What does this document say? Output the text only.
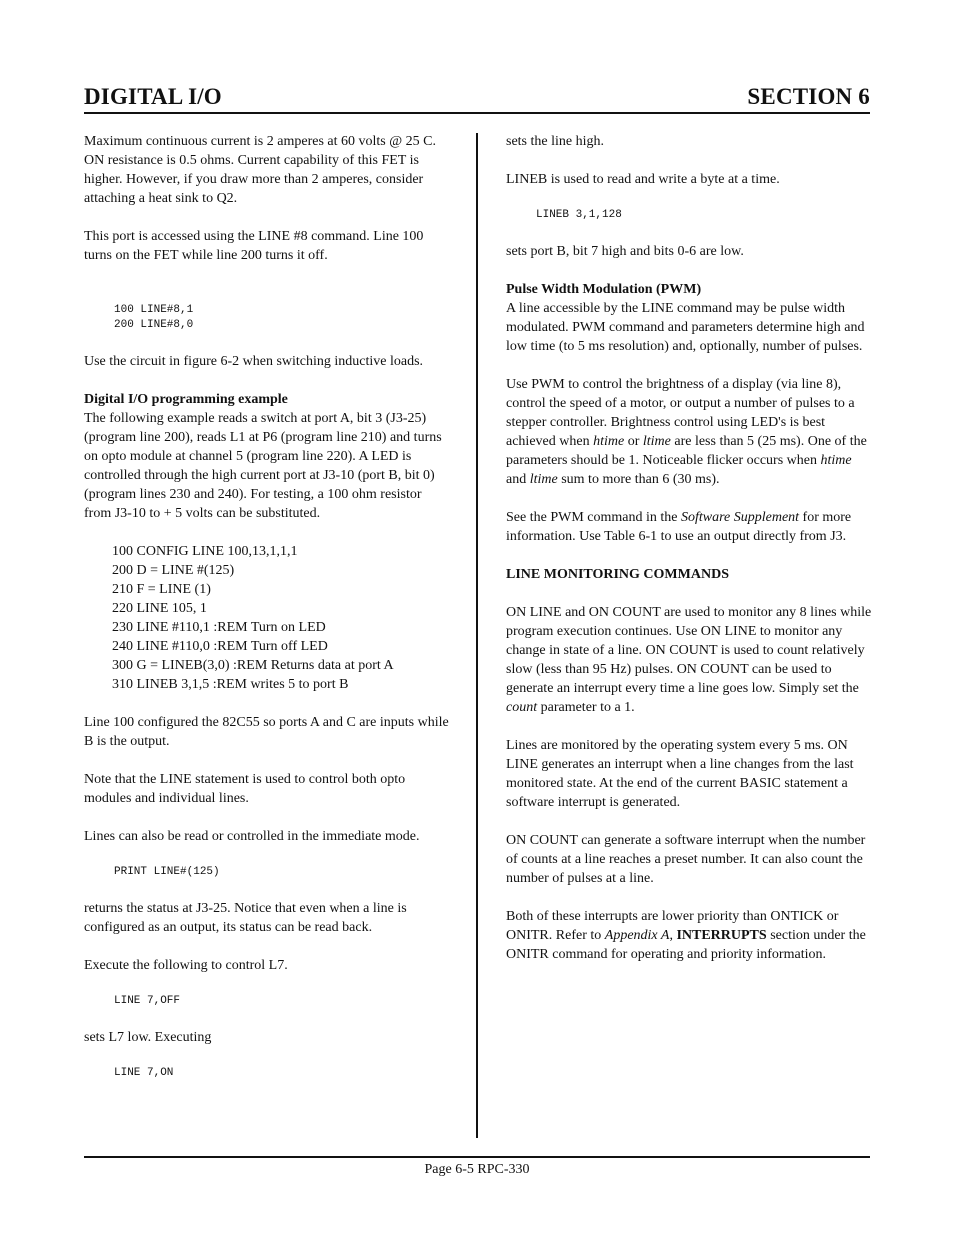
DIGITAL I/O	SECTION 6

Maximum continuous current is 2 amperes at 60 volts @ 25 C. ON resistance is 0.5 ohms. Current capability of this FET is higher. However, if you draw more than 2 amperes, consider attaching a heat sink to Q2.

This port is accessed using the LINE #8 command. Line 100 turns on the FET while line 200 turns it off.

100 LINE#8,1
200 LINE#8,0

Use the circuit in figure 6-2 when switching inductive loads.

Digital I/O programming example

The following example reads a switch at port A, bit 3 (J3-25) (program line 200), reads L1 at P6 (program line 210) and turns on opto module at channel 5 (program line 220). A LED is controlled through the high current port at J3-10 (port B, bit 0) (program lines 230 and 240). For testing, a 100 ohm resistor from J3-10 to + 5 volts can be substituted.

100 CONFIG LINE 100,13,1,1,1
200 D = LINE #(125)
210 F = LINE (1)
220 LINE 105, 1
230 LINE #110,1 :REM Turn on LED
240 LINE #110,0 :REM Turn off LED
300 G = LINEB(3,0) :REM Returns data at port A
310 LINEB 3,1,5 :REM writes 5 to port B

Line 100 configured the 82C55 so ports A and C are inputs while B is the output.

Note that the LINE statement is used to control both opto modules and individual lines.

Lines can also be read or controlled in the immediate mode.

PRINT LINE#(125)

returns the status at J3-25. Notice that even when a line is configured as an output, its status can be read back.

Execute the following to control L7.

LINE 7,OFF

sets L7 low. Executing

LINE 7,ON

sets the line high.

LINEB is used to read and write a byte at a time.

LINEB 3,1,128

sets port B, bit 7 high and bits 0-6 are low.

Pulse Width Modulation (PWM)

A line accessible by the LINE command may be pulse width modulated. PWM command and parameters determine high and low time (to 5 ms resolution) and, optionally, number of pulses.

Use PWM to control the brightness of a display (via line 8), control the speed of a motor, or output a number of pulses to a stepper controller. Brightness control using LED's is best achieved when htime or ltime are less than 5 (25 ms). One of the parameters should be 1. Noticeable flicker occurs when htime and ltime sum to more than 6 (30 ms).

See the PWM command in the Software Supplement for more information. Use Table 6-1 to use an output directly from J3.

LINE MONITORING COMMANDS

ON LINE and ON COUNT are used to monitor any 8 lines while program execution continues. Use ON LINE to monitor any change in state of a line. ON COUNT is used to count relatively slow (less than 95 Hz) pulses. ON COUNT can be used to generate an interrupt every time a line goes low. Simply set the count parameter to a 1.

Lines are monitored by the operating system every 5 ms. ON LINE generates an interrupt when a line changes from the last monitored state. At the end of the current BASIC statement a software interrupt is generated.

ON COUNT can generate a software interrupt when the number of counts at a line reaches a preset number. It can also count the number of pulses at a line.

Both of these interrupts are lower priority than ONTICK or ONITR. Refer to Appendix A, INTERRUPTS section under the ONITR command for operating and priority information.

Page 6-5 RPC-330
